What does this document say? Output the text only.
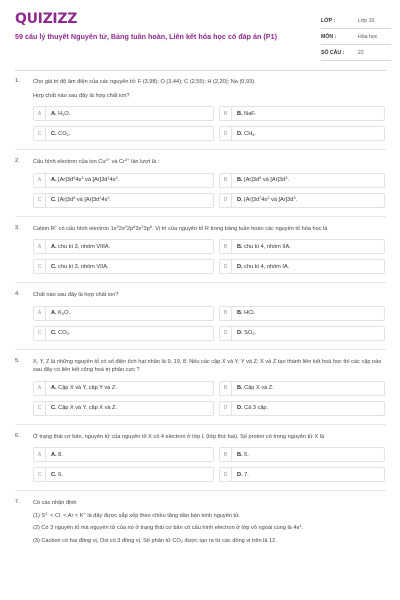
QUIZIZZ
59 câu lý thuyết Nguyên tử, Bảng tuần hoàn, Liên kết hóa học có đáp án (P1)
LỚP :	Lớp 10
MÔN :	Hóa học
SỐ CÂU :	22
1. Cho giá trị độ âm điện của các nguyên tố: F (3,98); O (3,44); C (2,55); H (2,20); Na (0,93).
Hợp chất nào sau đây là hợp chất ion?
A	A. $H_2O$.	B	B. NaF.
C	C. $CO_2$.	D	D. $CH_4$.
2. Cấu hình electron của ion $Cu^{2+}$ và $Cr^{3+}$ lần lượt là :
A	A. $[Ar]3d^94s^2$ và $[Ar]3d^14s^2$.	B	B. $[Ar]3d^9$ và $[Ar]3d^3$.
C	C. $[Ar]3d^9$ và $[Ar]3d^14s^2$.	D	D. $[Ar]3d^74s^2$ và $[Ar]3d^3$.
3. Cation R+ có cấu hình electron $1s^22s^22p^63s^23p^6$. Vị trí của nguyên tố R trong bảng tuần hoàn các nguyên tố hóa học là
A	A. chu kì 3, nhóm VIIIA.	B	B. chu kì 4, nhóm IIA.
C	C. chu kì 3, nhóm VIIA.	D	D. chu kì 4, nhóm IA.
4. Chất nào sau đây là hợp chất ion?
A	A. $K_2O$.	B	B. HCl.
C	C. $CO_2$.	D	D. $SO_2$.
5. X, Y, Z là những nguyên tố có số điện tích hạt nhân là 9, 19, 8. Nếu các cặp X và Y; Y và Z; X và Z tạo thành liên kết hoá học thì các cặp nào sau đây có liên kết cộng hoá trị phân cực ?
A	A. Cặp X và Y, cặp Y và Z.	B	B. Cặp X và Z.
C	C. Cặp X và Y, cặp X và Z.	D	D. Cả 3 cặp.
6. Ở trạng thái cơ bản, nguyên tử của nguyên tố X có 4 electron ở lớp L (lớp thứ hai). Số proton có trong nguyên tử X là
A	A. 8.	B	B. 5.
C	C. 6.	D	D. 7.
7. Có các nhận định
(1) $S^{2-} < Cl^- < Ar < K^+$ là dãy được sắp xếp theo chiều tăng dần bán kính nguyên tử.
(2) Có 3 nguyên tố mà nguyên tử của nó ở trạng thái cơ bản có cấu hình electron ở lớp vỏ ngoài cùng là $4s^1$.
(3) Cacbon có hai đồng vị, Oxi có 3 đồng vị. Số phân tử $CO_2$ được tạo ra từ các đồng vị trên là 12.
